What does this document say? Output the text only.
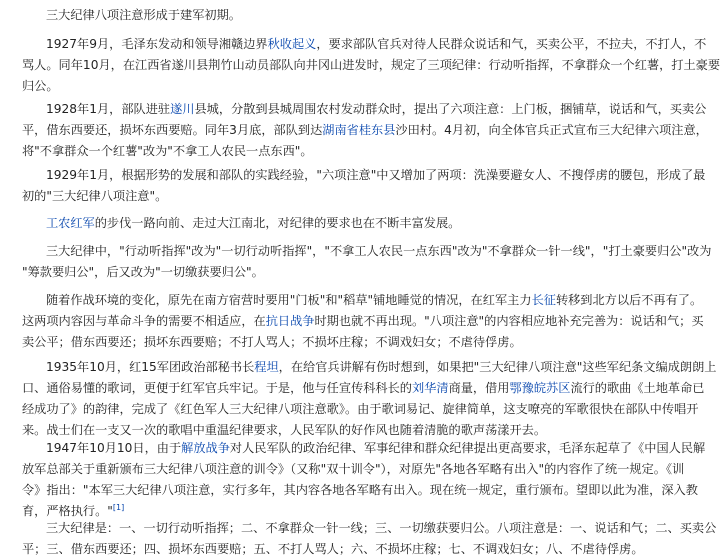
三大纪律八项注意形成于建军初期。

1927年9月，毛泽东发动和领导湘赣边界秋收起义，要求部队官兵对待人民群众说话和气，买卖公平，不拉夫，不打人，不
骂人。同年10月，在江西省遂川县荆竹山动员部队向井冈山进发时，规定了三项纪律：行动听指挥，不拿群众一个红薯，打土豪要
归公。

1928年1月，部队进驻遂川县城，分散到县城周围农村发动群众时，提出了六项注意：上门板，捆铺草，说话和气，买卖公
平，借东西要还，损坏东西要赔。同年3月底，部队到达湖南省桂东县沙田村。4月初，向全体官兵正式宣布三大纪律六项注意，
将"不拿群众一个红薯"改为"不拿工人农民一点东西"。

1929年1月，根据形势的发展和部队的实践经验，"六项注意"中又增加了两项：洗澡要避女人、不搜俘虏的腰包，形成了最
初的"三大纪律八项注意"。

工农红军的步伐一路向前、走过大江南北，对纪律的要求也在不断丰富发展。

三大纪律中，"行动听指挥"改为"一切行动听指挥"，"不拿工人农民一点东西"改为"不拿群众一针一线"，"打土豪要归公"改为
"筹款要归公"，后又改为"一切缴获要归公"。

随着作战环境的变化，原先在南方宿营时要用"门板"和"稻草"铺地睡觉的情况，在红军主力长征转移到北方以后不再有了。
这两项内容因与革命斗争的需要不相适应，在抗日战争时期也就不再出现。"八项注意"的内容相应地补充完善为：说话和气；买
卖公平；借东西要还；损坏东西要赔；不打人骂人；不损坏庄稼；不调戏妇女；不虐待俘虏。

1935年10月，红15军团政治部秘书长程坦，在给官兵讲解有伤时想到，如果把"三大纪律八项注意"这些军纪条文编成朗朗上
口、通俗易懂的歌词，更便于红军官兵牢记。于是，他与任宣传科科长的刘华清商量，借用鄂豫皖苏区流行的歌曲《土地革命已
经成功了》的韵律，完成了《红色军人三大纪律八项注意歌》。由于歌词易记、旋律简单，这支嘹亮的军歌很快在部队中传唱开
来。战士们在一支又一次的歌唱中重温纪律要求，人民军队的好作风也随着清脆的歌声荡漾开去。

1947年10月10日，由于解放战争对人民军队的政治纪律、军事纪律和群众纪律提出更高要求，毛泽东起草了《中国人民解
放军总部关于重新颁布三大纪律八项注意的训令》（又称"双十训令"），对原先"各地各军略有出入"的内容作了统一规定。《训
令》指出："本军三大纪律八项注意，实行多年，其内容各地各军略有出入。现在统一规定，重行颁布。望即以此为准，深入教
育，严格执行。"[1]

三大纪律是：一、一切行动听指挥；二、不拿群众一针一线；三、一切缴获要归公。八项注意是：一、说话和气；二、买卖公
平；三、借东西要还；四、损坏东西要赔；五、不打人骂人；六、不损坏庄稼；七、不调戏妇女；八、不虐待俘虏。
